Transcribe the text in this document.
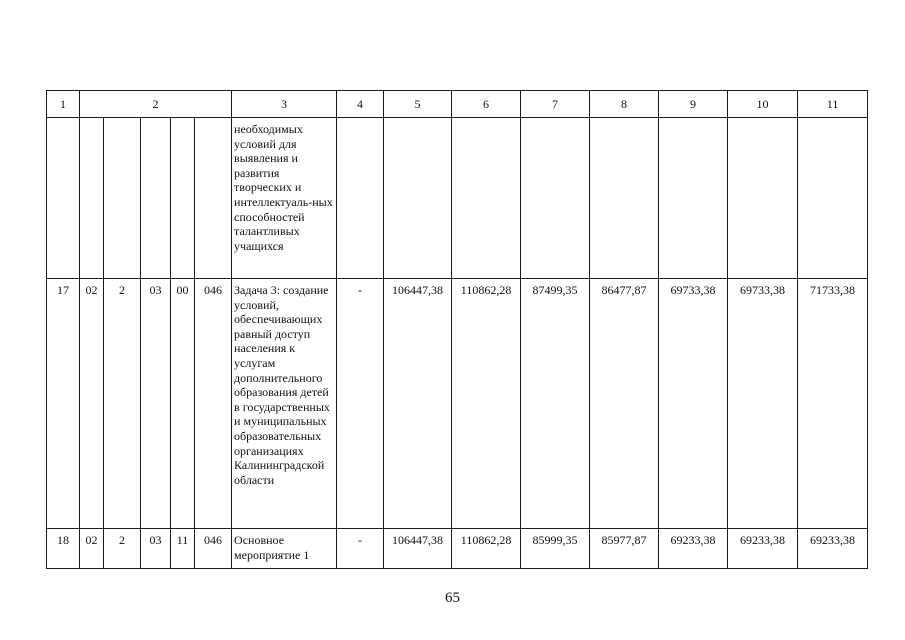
1	2					3	4	5	6	7	8	9	10	11
						необходимых условий для выявления и развития творческих и интеллектуаль-ных способностей талантливых учащихся								
17	02	2	03	00	046	Задача 3: создание условий, обеспечивающих равный доступ населения к услугам дополнительного образования детей в государственных и муниципальных образовательных организациях Калининградской области	-	106447,38	110862,28	87499,35	86477,87	69733,38	69733,38	71733,38
18	02	2	03	11	046	Основное мероприятие 1	-	106447,38	110862,28	85999,35	85977,87	69233,38	69233,38	69233,38
65
